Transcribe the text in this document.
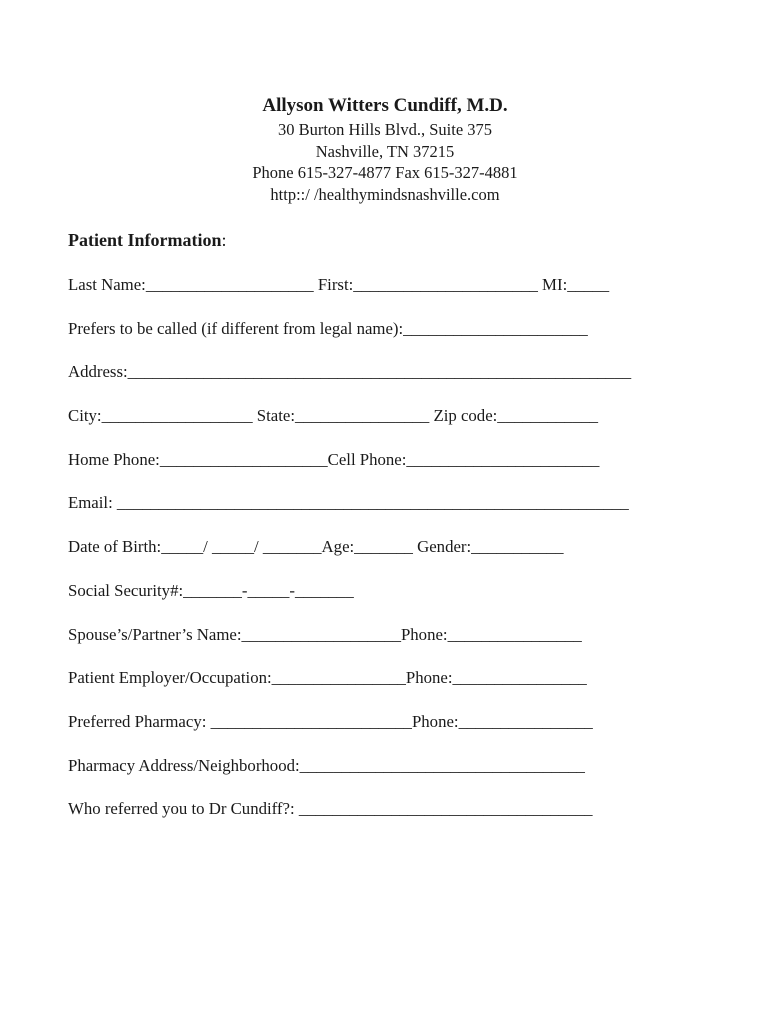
Allyson Witters Cundiff, M.D.
30 Burton Hills Blvd., Suite 375
Nashville, TN 37215
Phone 615-327-4877 Fax 615-327-4881
http::/ /healthymindsnashville.com
Patient Information:
Last Name:____________________ First:______________________ MI:_____
Prefers to be called (if different from legal name):______________________
Address:____________________________________________________________
City:__________________ State:________________ Zip code:____________
Home Phone:____________________Cell Phone:_______________________
Email: _____________________________________________________________
Date of Birth:_____/ _____/ _______Age:_______ Gender:___________
Social Security#:_______-_____-_______
Spouse’s/Partner’s Name:___________________Phone:________________
Patient Employer/Occupation:________________Phone:________________
Preferred Pharmacy: ________________________Phone:________________
Pharmacy Address/Neighborhood:__________________________________
Who referred you to Dr Cundiff?: ___________________________________
